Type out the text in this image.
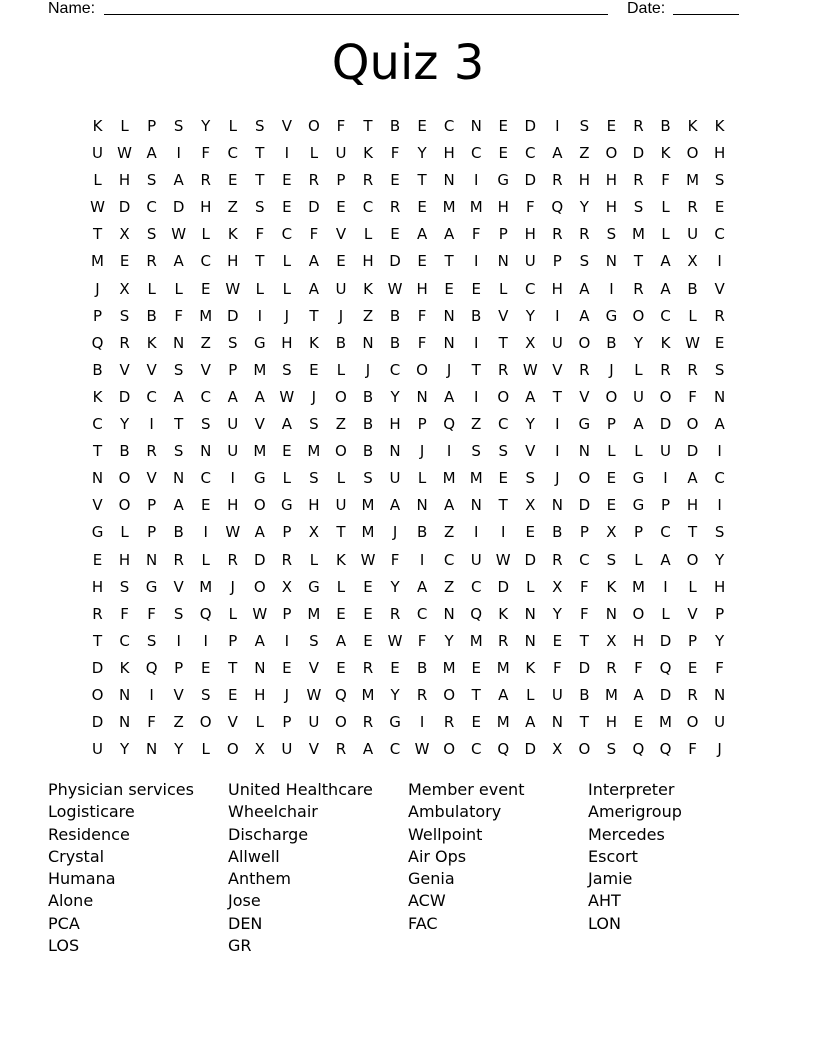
Name:	Date:
Quiz 3
K	L	P	S	Y	L	S	V	O	F	T	B	E	C	N	E	D	I	S	E	R	B	K	K
U W A	I	F	C	T	I	L	U	K	F	Y	H	C	E	C	A	Z	O	D	K	O	H
L	H	S	A	R	E	T	E	R	P	R	E	T	N	I	G	D	R	H	H	R	F	M	S
W D	C	D	H	Z	S	E	D	E	C	R	E	M M H	F	Q	Y	H	S	L	R	E
T	X	S W	L	K	F	C	F	V	L	E	A	A	F	P	H	R	R	S	M	L	U	C
M	E	R	A	C	H	T	L	A	E	H	D	E	T	I	N	U	P	S	N	T	A	X	I
J	X	L	L	E W	L	L	A	U	K W H	E	E	L	C	H	A	I	R	A	B	V
P	S	B	F	M D	I	J	T	J	Z	B	F	N	B	V	Y	I	A	G	O	C	L	R
Q	R	K	N	Z	S	G	H	K	B	N	B	F	N	I	T	X	U	O	B	Y	K W E
B	V	V	S	V	P	M	S	E	L	J	C	O	J	T	R W V	R	J	L	R	R	S
K	D	C	A	C	A	A W	J	O	B	Y	N	A	I	O	A	T	V	O	U	O	F	N
C	Y	I	T	S	U	V	A	S	Z	B	H	P	Q	Z	C	Y	I	G	P	A	D	O	A
T	B	R	S	N	U	M	E	M O	B	N	J	I	S	S	V	I	N	L	L	U	D	I
N	O	V	N	C	I	G	L	S	L	S	U	L	M M	E	S	J	O	E	G	I	A	C
V	O	P	A	E	H	O	G	H	U	M	A	N	A	N	T	X	N	D	E	G	P	H	I
G	L	P	B	I	W A	P	X	T	M	J	B	Z	I	I	E	B	P	X	P	C	T	S
E	H	N	R	L	R	D	R	L	K W	F	I	C	U W D	R	C	S	L	A	O	Y
H	S	G	V	M	J	O	X	G	L	E	Y	A	Z	C	D	L	X	F	K	M	I	L	H
R	F	F	S	Q	L	W	P	M	E	E	R	C	N	Q	K	N	Y	F	N	O	L	V	P
T	C	S	I	I	P	A	I	S	A	E W	F	Y	M	R	N	E	T	X	H	D	P	Y
D	K	Q	P	E	T	N	E	V	E	R	E	B	M	E	M	K	F	D	R	F	Q	E	F
O	N	I	V	S	E	H	J	W Q M	Y	R	O	T	A	L	U	B	M	A	D	R	N
D	N	F	Z	O	V	L	P	U	O	R	G	I	R	E	M	A	N	T	H	E	M O	U
U	Y	N	Y	L	O	X	U	V	R	A	C W O	C	Q	D	X	O	S	Q	Q	F	J
Physician services
Logisticare
Residence
Crystal
Humana
Alone
PCA
LOS
United Healthcare
Wheelchair
Discharge
Allwell
Anthem
Jose
DEN
GR
Member event
Ambulatory
Wellpoint
Air Ops
Genia
ACW
FAC
Interpreter
Amerigroup
Mercedes
Escort
Jamie
AHT
LON
